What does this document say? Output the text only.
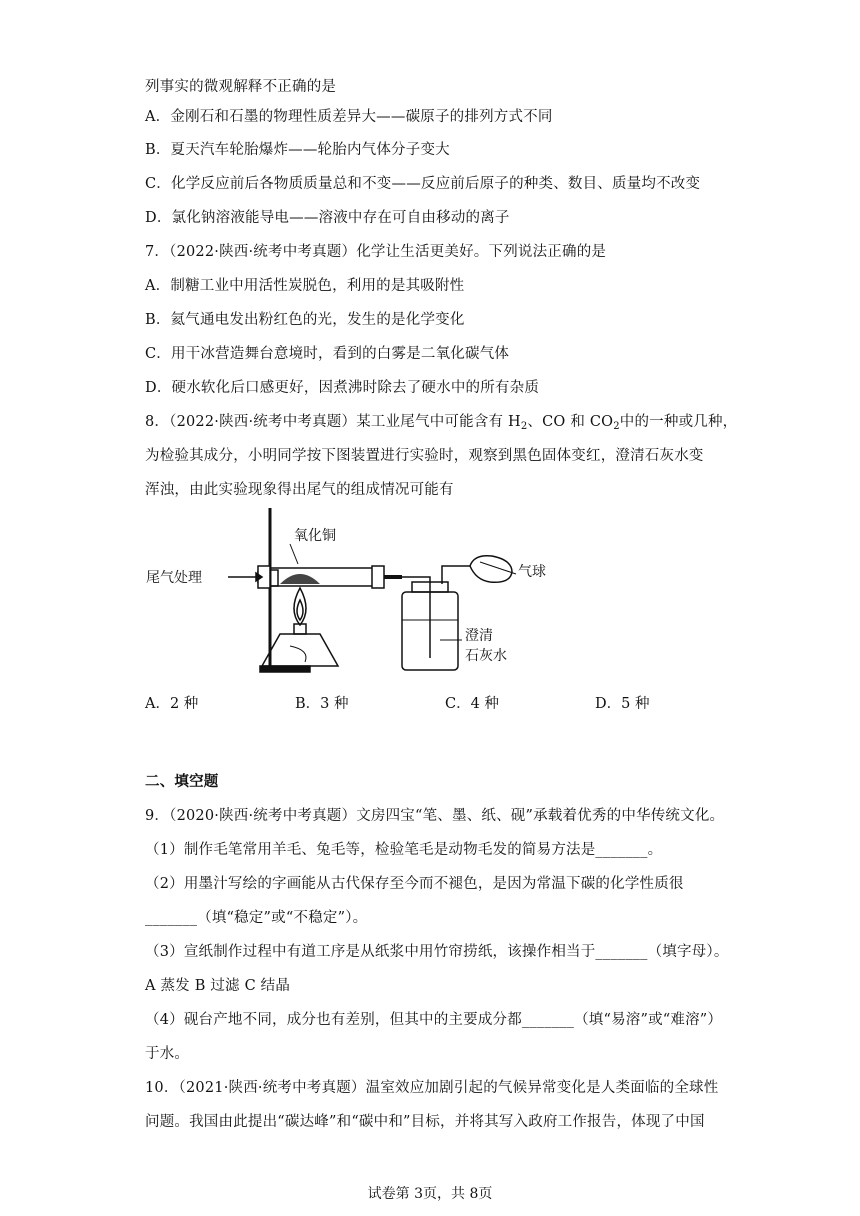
列事实的微观解释不正确的是
A．金刚石和石墨的物理性质差异大——碳原子的排列方式不同
B．夏天汽车轮胎爆炸——轮胎内气体分子变大
C．化学反应前后各物质质量总和不变——反应前后原子的种类、数目、质量均不改变
D．氯化钠溶液能导电——溶液中存在可自由移动的离子
7．（2022·陕西·统考中考真题）化学让生活更美好。下列说法正确的是
A．制糖工业中用活性炭脱色，利用的是其吸附性
B．氦气通电发出粉红色的光，发生的是化学变化
C．用干冰营造舞台意境时，看到的白雾是二氧化碳气体
D．硬水软化后口感更好，因煮沸时除去了硬水中的所有杂质
8．（2022·陕西·统考中考真题）某工业尾气中可能含有 $H_2$、CO 和 $CO_2$中的一种或几种，
为检验其成分，小明同学按下图装置进行实验时，观察到黑色固体变红，澄清石灰水变
浑浊，由此实验现象得出尾气的组成情况可能有
氧化铜
尾气处理	气球
澄清
石灰水
A．2 种	B．3 种	C．4 种	D．5 种
二、填空题
9．（2020·陕西·统考中考真题）文房四宝“笔、墨、纸、砚”承载着优秀的中华传统文化。
（1）制作毛笔常用羊毛、兔毛等，检验笔毛是动物毛发的简易方法是_______。
（2）用墨汁写绘的字画能从古代保存至今而不褪色，是因为常温下碳的化学性质很
_______（填“稳定”或“不稳定”）。
（3）宣纸制作过程中有道工序是从纸浆中用竹帘捞纸，该操作相当于_______（填字母）。
A 蒸发 B 过滤 C 结晶
（4）砚台产地不同，成分也有差别，但其中的主要成分都_______（填“易溶”或“难溶”）
于水。
10．（2021·陕西·统考中考真题）温室效应加剧引起的气候异常变化是人类面临的全球性
问题。我国由此提出“碳达峰”和“碳中和”目标，并将其写入政府工作报告，体现了中国
试卷第 3页，共 8页
